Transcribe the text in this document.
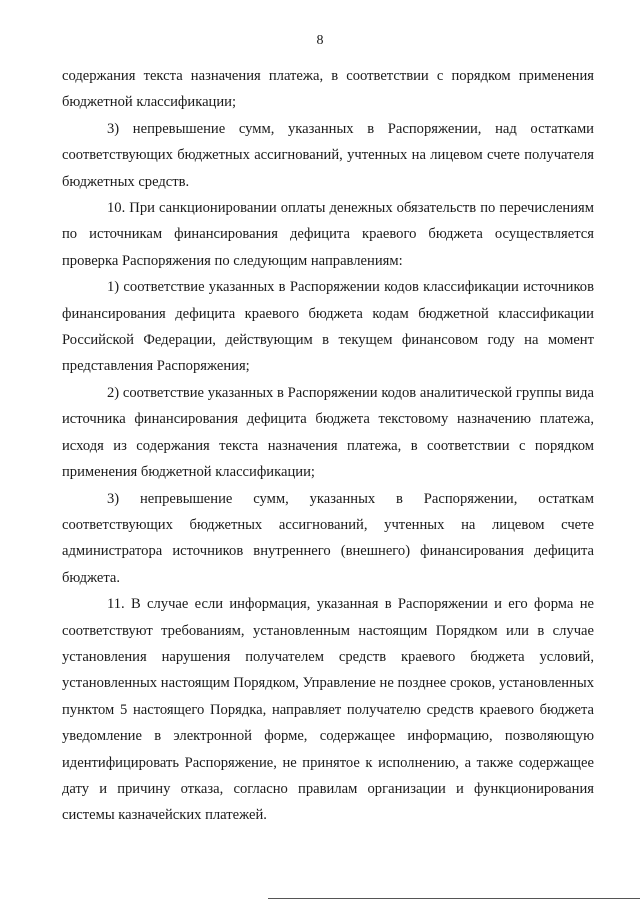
8

содержания текста назначения платежа, в соответствии с порядком применения бюджетной классификации;

3) непревышение сумм, указанных в Распоряжении, над остатками соответствующих бюджетных ассигнований, учтенных на лицевом счете получателя бюджетных средств.

10. При санкционировании оплаты денежных обязательств по перечислениям по источникам финансирования дефицита краевого бюджета осуществляется проверка Распоряжения по следующим направлениям:

1) соответствие указанных в Распоряжении кодов классификации источников финансирования дефицита краевого бюджета кодам бюджетной классификации Российской Федерации, действующим в текущем финансовом году на момент представления Распоряжения;

2) соответствие указанных в Распоряжении кодов аналитической группы вида источника финансирования дефицита бюджета текстовому назначению платежа, исходя из содержания текста назначения платежа, в соответствии с порядком применения бюджетной классификации;

3) непревышение сумм, указанных в Распоряжении, остаткам соответствующих бюджетных ассигнований, учтенных на лицевом счете администратора источников внутреннего (внешнего) финансирования дефицита бюджета.

11. В случае если информация, указанная в Распоряжении и его форма не соответствуют требованиям, установленным настоящим Порядком или в случае установления нарушения получателем средств краевого бюджета условий, установленных настоящим Порядком, Управление не позднее сроков, установленных пунктом 5 настоящего Порядка, направляет получателю средств краевого бюджета уведомление в электронной форме, содержащее информацию, позволяющую идентифицировать Распоряжение, не принятое к исполнению, а также содержащее дату и причину отказа, согласно правилам организации и функционирования системы казначейских платежей.
